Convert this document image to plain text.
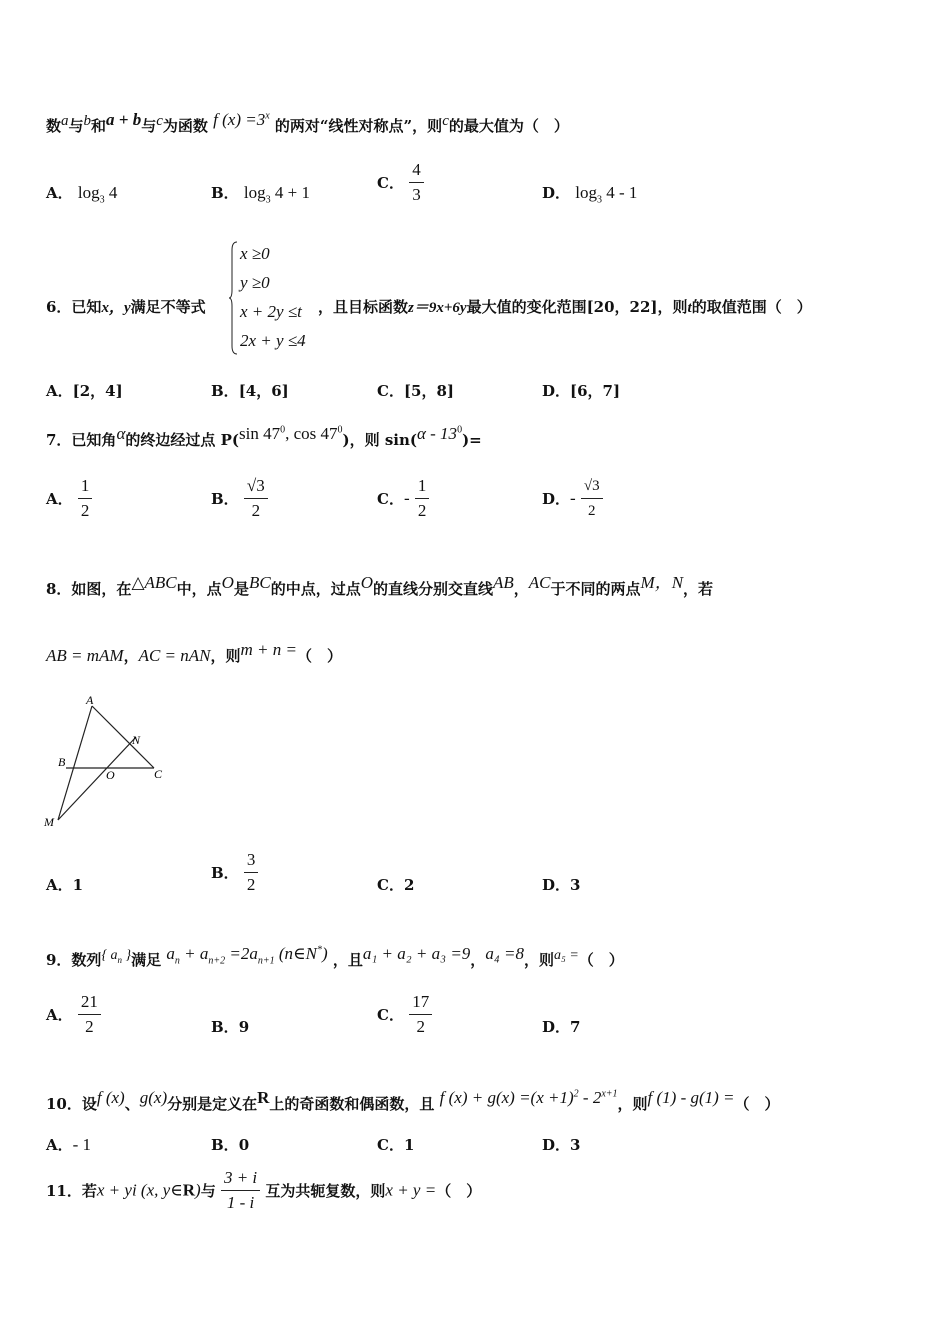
数$^a$与$^b$和$^{a + b}$与$^c$为函数 $^{f (x) =3^x}$ 的两对“线性对称点”，则$^c$的最大值为（　）
A． $\log_3 4$	B． $\log_3 4 + 1$	C． $\frac{4}{3}$	D． $\log_3 4 - 1$
6．已知x，y满足不等式
x ≥0
y ≥0
x + 2y ≤t
2x + y ≤4
，且目标函数z＝9x+6y最大值的变化范围[20，22]，则t的取值范围（　）
A．[2，4]	B．[4，6]	C．[5，8]	D．[6，7]
7．已知角$^\alpha$的终边经过点 P($^{sin 47^0, cos 47^0}$)，则 sin($^{\alpha - 13^0}$)=
A． $\frac{1}{2}$	B． $\frac{√3}{2}$	C．- $\frac{1}{2}$	D．- $\frac{√3}{2}$
8．如图，在$^{\triangle ABC}$中，点$^O$是$^{BC}$的中点，过点$^O$的直线分别交直线$^{AB}$，$^{AC}$于不同的两点$^{M,N}$，若
AB = mAM，AC = nAN，则$^{m + n =}$（　）
A
B
C
N
O
M
A．1
B． $\frac{3}{2}$	C．2	D．3
9．数列$^{\{ a_n \}}$满足 $^{a_n + a_{n+2} =2a_{n+1} (n\in N^*)}$ ，且$^{a_1 + a_2 + a_3 =9}$，$^{a_4 =8}$，则$^{a_5 =}$（　）
A． $\frac{21}{2}$	B．9
C． $\frac{17}{2}$	D．7
10．设$^{f (x)}$、$^{g(x)}$分别是定义在$^R$上的奇函数和偶函数，且 $^{f (x) + g(x) =(x +1)^2 - 2^{x+1}}$，则$^{f (1) - g(1) =}$（　）
A．- 1	B．0	C．1	D．3
11．若x + yi (x, y∈R)与 $\frac{3 + i}{1 - i}$ 互为共轭复数，则x + y =（　）
